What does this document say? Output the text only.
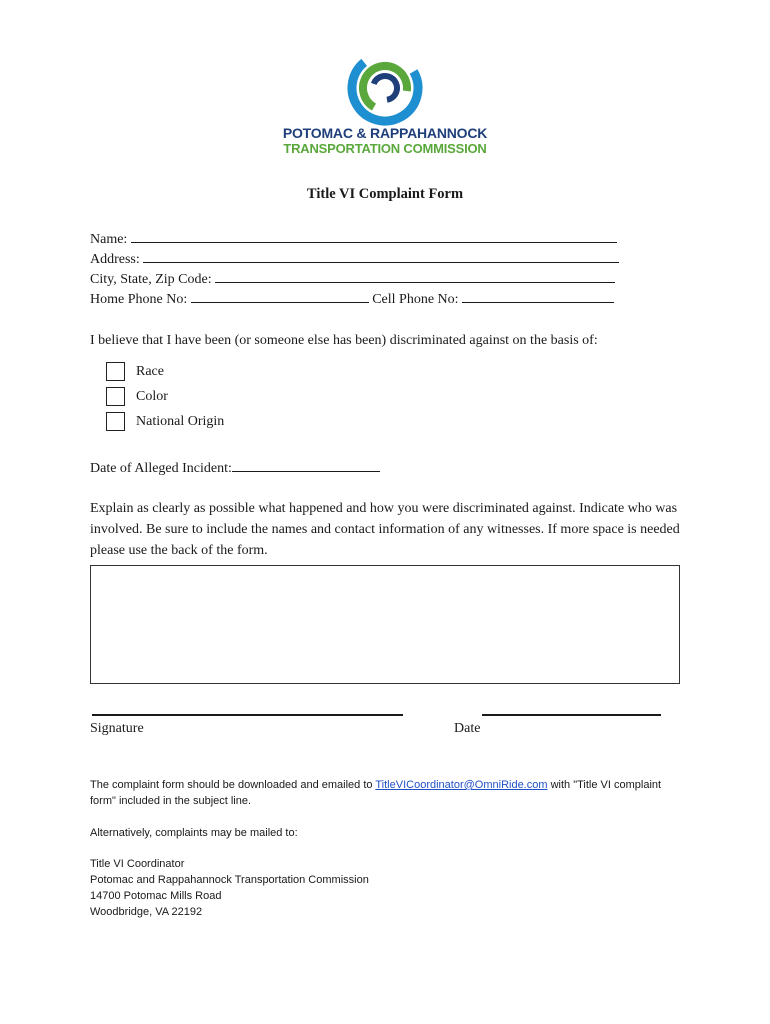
POTOMAC & RAPPAHANNOCK
TRANSPORTATION COMMISSION
Title VI Complaint Form
Name:
Address:
City, State, Zip Code:
Home Phone No:	Cell Phone No:
I believe that I have been (or someone else has been) discriminated against on the basis of:
Race
Color
National Origin
Date of Alleged Incident:
Explain as clearly as possible what happened and how you were discriminated against. Indicate who was involved. Be sure to include the names and contact information of any witnesses. If more space is needed please use the back of the form.
Signature	Date
The complaint form should be downloaded and emailed to TitleVICoordinator@OmniRide.com with "Title VI complaint form" included in the subject line.
Alternatively, complaints may be mailed to:
Title VI Coordinator
Potomac and Rappahannock Transportation Commission
14700 Potomac Mills Road
Woodbridge, VA 22192
